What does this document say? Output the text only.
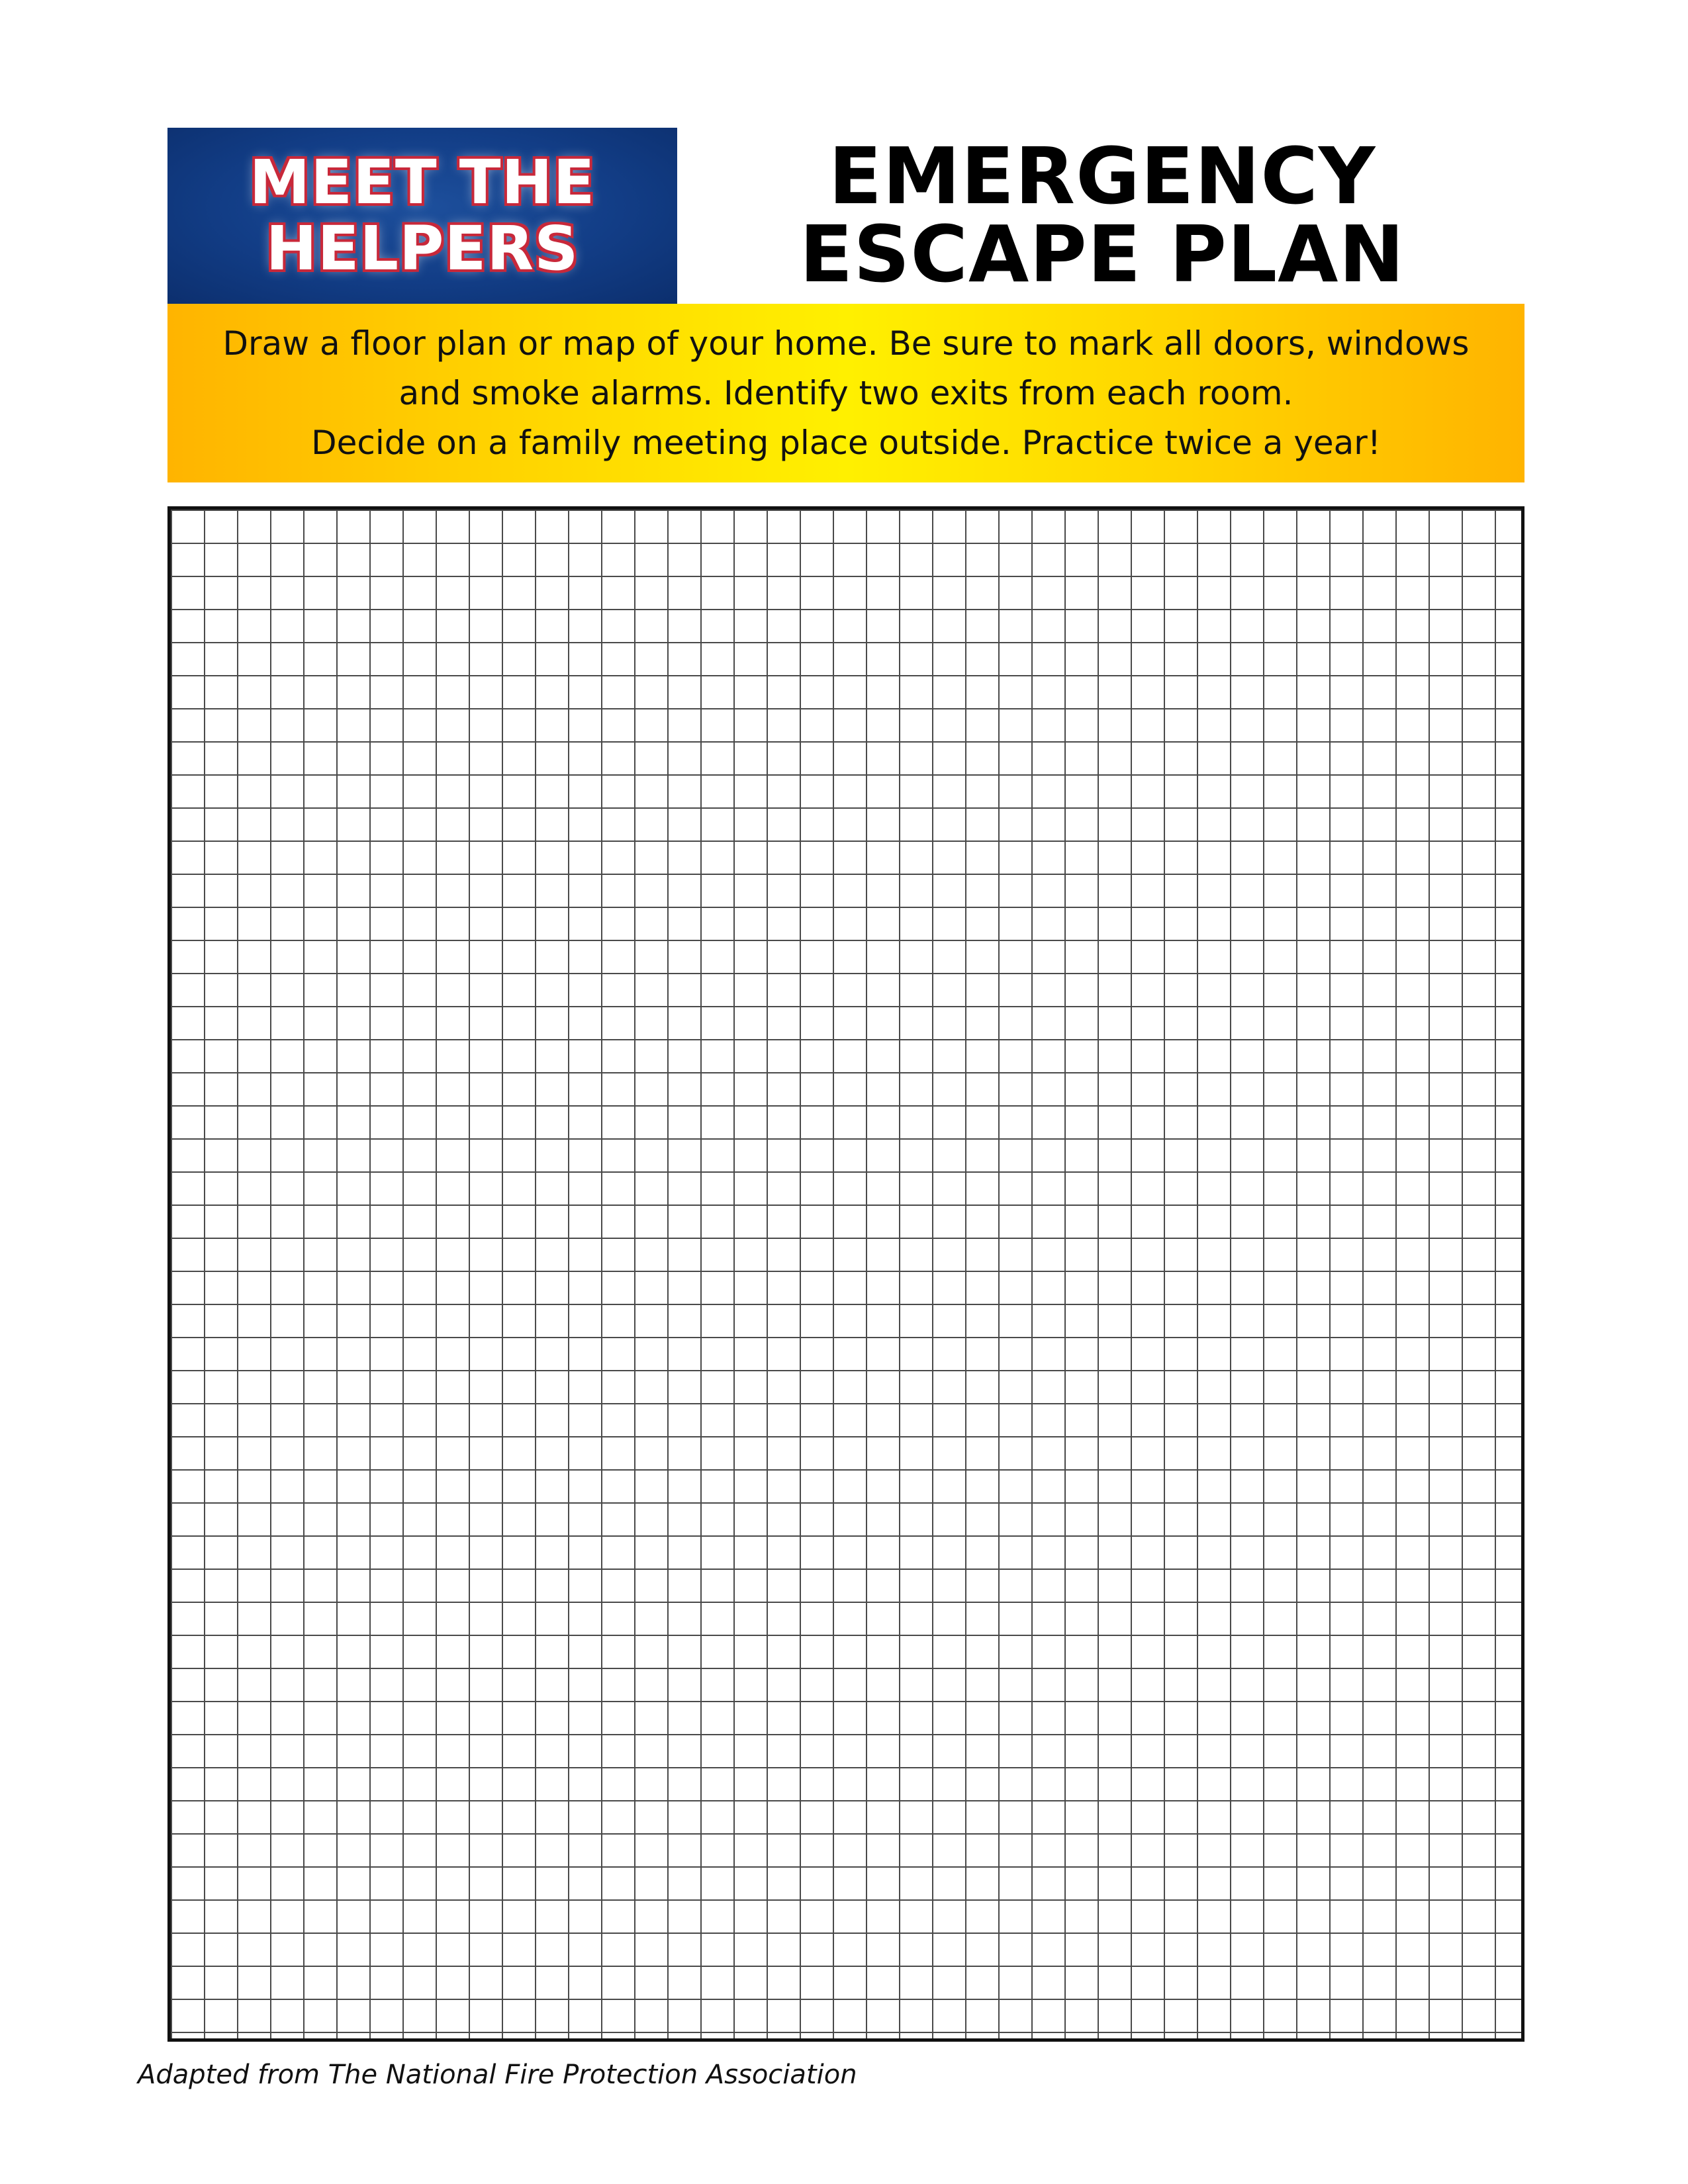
MEET THE
HELPERS
EMERGENCY
ESCAPE PLAN
Draw a floor plan or map of your home. Be sure to mark all doors, windows
and smoke alarms. Identify two exits from each room.
Decide on a family meeting place outside. Practice twice a year!
Adapted from The National Fire Protection Association
